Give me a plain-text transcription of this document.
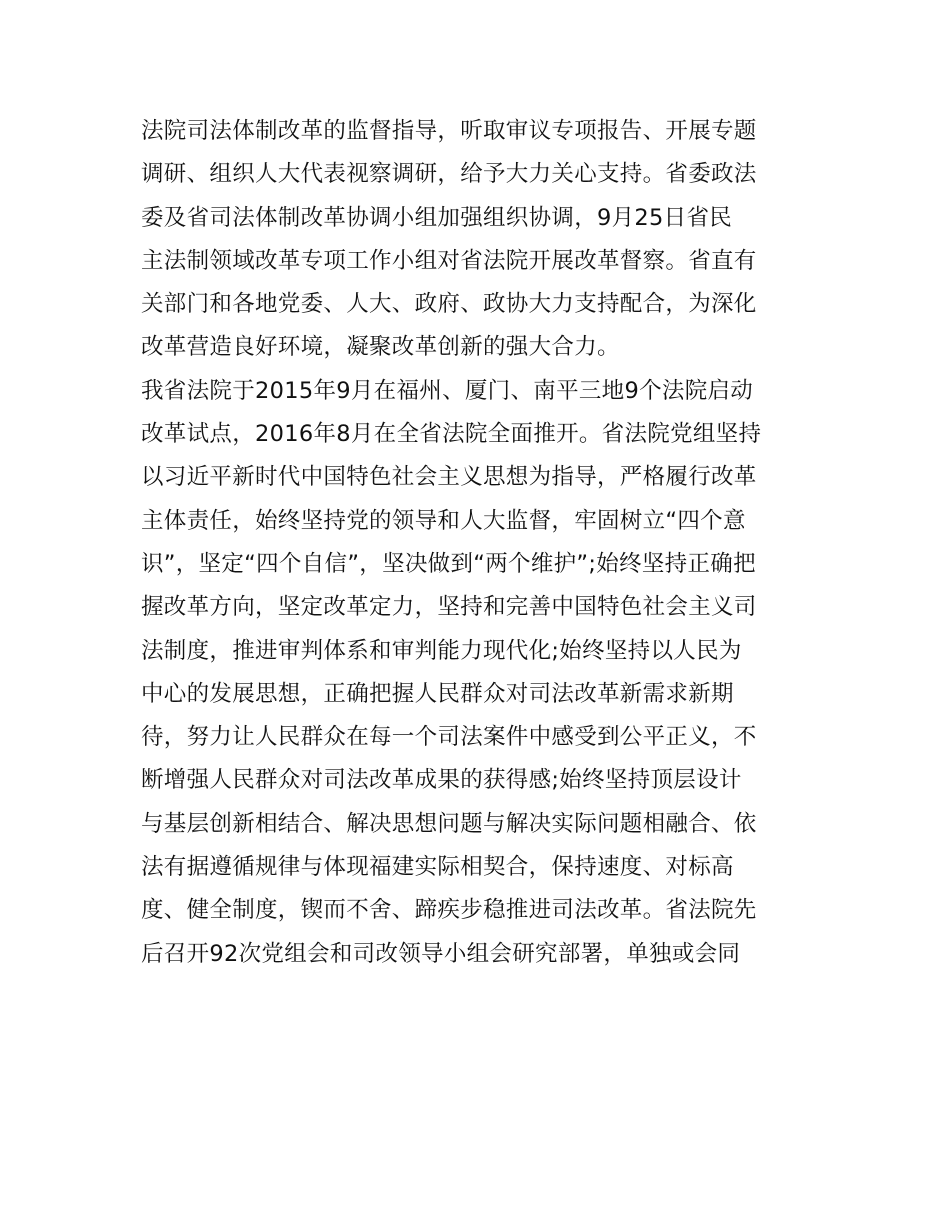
法院司法体制改革的监督指导，听取审议专项报告、开展专题
调研、组织人大代表视察调研，给予大力关心支持。省委政法
委及省司法体制改革协调小组加强组织协调，9月25日省民
主法制领域改革专项工作小组对省法院开展改革督察。省直有
关部门和各地党委、人大、政府、政协大力支持配合，为深化
改革营造良好环境，凝聚改革创新的强大合力。
我省法院于2015年9月在福州、厦门、南平三地9个法院启动
改革试点，2016年8月在全省法院全面推开。省法院党组坚持
以习近平新时代中国特色社会主义思想为指导，严格履行改革
主体责任，始终坚持党的领导和人大监督，牢固树立“四个意
识”，坚定“四个自信”，坚决做到“两个维护”;始终坚持正确把
握改革方向，坚定改革定力，坚持和完善中国特色社会主义司
法制度，推进审判体系和审判能力现代化;始终坚持以人民为
中心的发展思想，正确把握人民群众对司法改革新需求新期
待，努力让人民群众在每一个司法案件中感受到公平正义，不
断增强人民群众对司法改革成果的获得感;始终坚持顶层设计
与基层创新相结合、解决思想问题与解决实际问题相融合、依
法有据遵循规律与体现福建实际相契合，保持速度、对标高
度、健全制度，锲而不舍、蹄疾步稳推进司法改革。省法院先
后召开92次党组会和司改领导小组会研究部署，单独或会同
